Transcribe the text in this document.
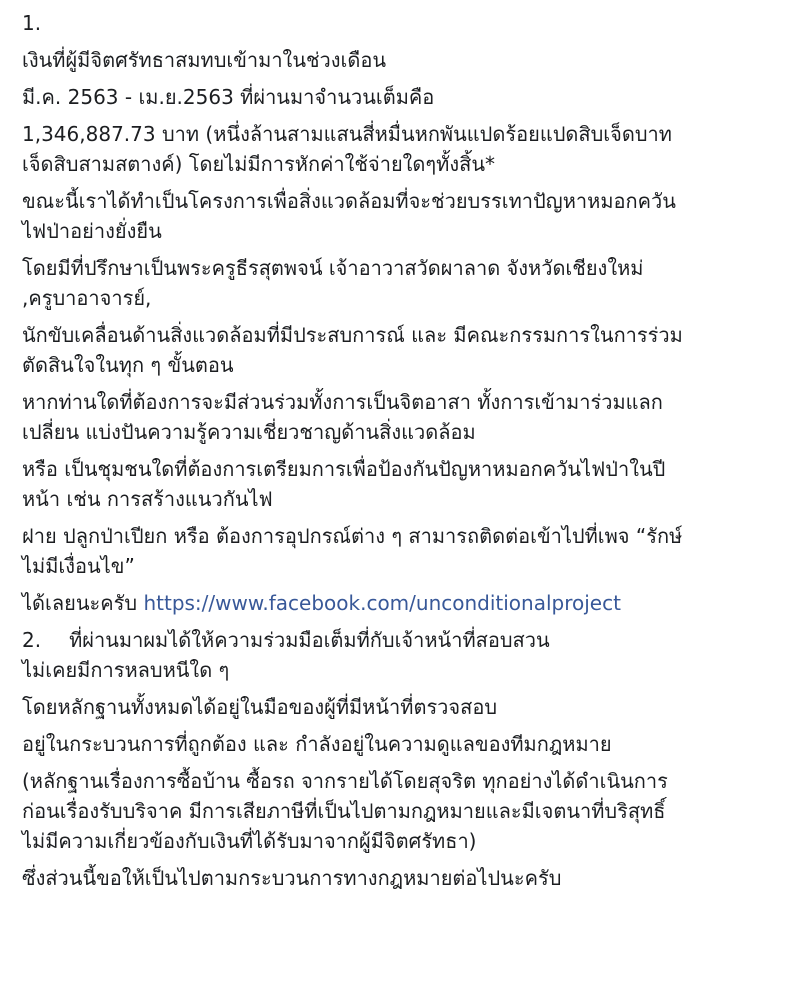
1.

เงินที่ผู้มีจิตศรัทธาสมทบเข้ามาในช่วงเดือน

มี.ค. 2563 - เม.ย.2563 ที่ผ่านมาจำนวนเต็มคือ

1,346,887.73 บาท (หนึ่งล้านสามแสนสี่หมื่นหกพันแปดร้อยแปดสิบเจ็ดบาท
เจ็ดสิบสามสตางค์) โดยไม่มีการหักค่าใช้จ่ายใดๆทั้งสิ้น*

ขณะนี้เราได้ทำเป็นโครงการเพื่อสิ่งแวดล้อมที่จะช่วยบรรเทาปัญหาหมอกควัน
ไฟป่าอย่างยั่งยืน

โดยมีที่ปรึกษาเป็นพระครูธีรสุตพจน์ เจ้าอาวาสวัดผาลาด จังหวัดเชียงใหม่
,ครูบาอาจารย์,

นักขับเคลื่อนด้านสิ่งแวดล้อมที่มีประสบการณ์ และ มีคณะกรรมการในการร่วม
ตัดสินใจในทุก ๆ ขั้นตอน

หากท่านใดที่ต้องการจะมีส่วนร่วมทั้งการเป็นจิตอาสา ทั้งการเข้ามาร่วมแลก
เปลี่ยน แบ่งปันความรู้ความเชี่ยวชาญด้านสิ่งแวดล้อม

หรือ เป็นชุมชนใดที่ต้องการเตรียมการเพื่อป้องกันปัญหาหมอกควันไฟป่าในปี
หน้า เช่น การสร้างแนวกันไฟ

ฝาย ปลูกป่าเปียก หรือ ต้องการอุปกรณ์ต่าง ๆ สามารถติดต่อเข้าไปที่เพจ “รักษ์
ไม่มีเงื่อนไข”

ได้เลยนะครับ https://www.facebook.com/unconditionalproject

2. ที่ผ่านมาผมได้ให้ความร่วมมือเต็มที่กับเจ้าหน้าที่สอบสวน
ไม่เคยมีการหลบหนีใด ๆ

โดยหลักฐานทั้งหมดได้อยู่ในมือของผู้ที่มีหน้าที่ตรวจสอบ

อยู่ในกระบวนการที่ถูกต้อง และ กำลังอยู่ในความดูแลของทีมกฎหมาย

(หลักฐานเรื่องการซื้อบ้าน ซื้อรถ จากรายได้โดยสุจริต ทุกอย่างได้ดำเนินการ
ก่อนเรื่องรับบริจาค มีการเสียภาษีที่เป็นไปตามกฎหมายและมีเจตนาที่บริสุทธิ์
ไม่มีความเกี่ยวข้องกับเงินที่ได้รับมาจากผู้มีจิตศรัทธา)

ซึ่งส่วนนี้ขอให้เป็นไปตามกระบวนการทางกฎหมายต่อไปนะครับ
